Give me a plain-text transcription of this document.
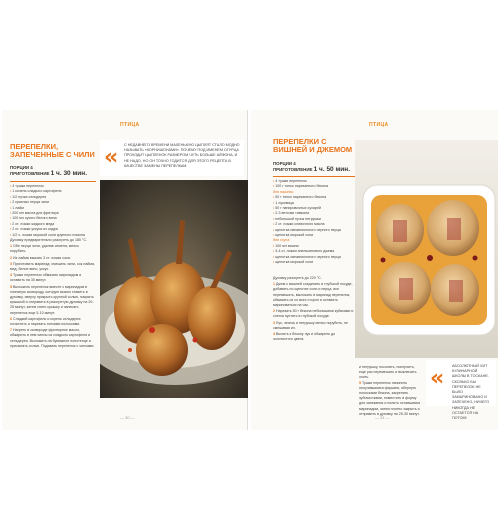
ПТИЦА
ПЕРЕПЕЛКИ, ЗАПЕЧЕННЫЕ С ЧИЛИ
ПОРЦИИ 4
ПРИГОТОВЛЕНИЕ 1 ч. 30 мин.
• 4 тушки перепелок
• 1 кочень сладкого картофеля
• 1/2 пучка сельдерея
• 2 красных перца чили
• 1 лайм
• 200 мл масла для фритюра
• 100 мл сухого белого вина
• 2 ст. ложки жидкого меда
• 2 ст. ложки уксуса из сидра
• 1/2 ч. ложки морской соли крупного помола

Духовку предварительно разогреть до 180 °С.

1 Обе перца чили, удалив семена, мелко порубить.

2 Из лайма выжать 3 ст. ложки сока.

3 Приготовить маринад: смешать чили, сок лайма, мед, белое вино, уксус.

4 Тушки перепелок обмазать маринадом и оставить на 30 минут.

5 Выложить перепелок вместе с маринадом в глиняную сковороду, которую можно ставить в духовку, сверху прикрыть крупной солью, накрыть крышкой и отправить в разогретую духовку на 20-25 минут, затем снять крышку и запекать перепелок еще 5-10 минут.

6 Сладкий картофель и корень сельдерея почистить и нарезать тонкими полосками.

7 Нагреть в сковороде фритюрное масло, обжарить в нем чипсы из сладкого картофеля и сельдерея. Выложить на бумажное полотенце и присыпать солью. Подавать перепелок с чипсами.

« С НЕДАВНЕГО ВРЕМЕНИ МАЛЕНЬКУЮ ЦЫПЛЯТ СТАЛО МОДНО НАЗЫВАТЬ «КОРНИШОНАМИ». ПОЧЕМУ ПОД ИМЕНЕМ ОГУРЦА ПРОХОДИТ ЦЫПЛЕНОК РАЗМЕРОМ ЧУТЬ БОЛЬШЕ АЙФОНА, И НЕ НАДО, НО ОН ТОЧНО ГОДИТСЯ ДЛЯ ЭТОГО РЕЦЕПТА В КАЧЕСТВЕ ЗАМЕНЫ ПЕРЕПЕЛКАМ.
— 30 —
ПТИЦА
ПЕРЕПЕЛКИ С ВИШНЕЙ И ДЖЕМОМ
ПОРЦИИ 4
ПРИГОТОВЛЕНИЕ 1 ч. 50 мин.
• 4 тушки перепелок
• 100 г тонко нарезанного бекона
для начинки:
• 50 г тонко нарезанного бекона
• 1 луковица
• 50 г панировочных сухарей
• 2-3 веточки тимьяна
• небольшой пучок петрушки
• 2 ст. ложки сливочного масла
• щепотка свежемолотого черного перца
• щепотка морской соли
для соуса:
• 100 мл вишни
• 3-4 ст. ложки апельсинового джема
• щепотка свежемолотого черного перца
• щепотка морской соли

Духовку разогреть до 220 °С.

1 Джем с вишней соединить в глубокой посуде, добавить по щепотке соли и перца, все перемешать, выложить в маринад перепелок, обмазать их со всех сторон и оставить мариноваться на час.

2 Нарезать 50 г бекона небольшими кубиками и слегка пустить в глубокой посуде.

3 Лук, чеснок и петрушку мелко порубить, не смешивая их.

4 Вылить к бекону лук и обжарить до золотистого цвета.

и петрушку, посолить, поперчить, еще раз перемешать и выключить огонь.

5 Тушки перепелок начинить получившимся фаршем, обернуть полосками бекона, закрепить зубочистками, поместить в форму для запекания и полить оставшимся маринадом, затем плотно закрыть и отправить в духовку на 25-30 минут.

« АБСОЛЮТНЫЙ ХИТ КУЛИНАРНОЙ ШКОЛЫ В ТОСКАНЕ. СКОЛЬКО БЫ ПЕРЕПЕЛОК НЕ БЫЛО ЗАМАРИНОВАНО И ЗАПЕЧЕНО, НИЧЕГО НИКОГДА НЕ ОСТАЕТСЯ НА ПОТОМ!
— 31 —
